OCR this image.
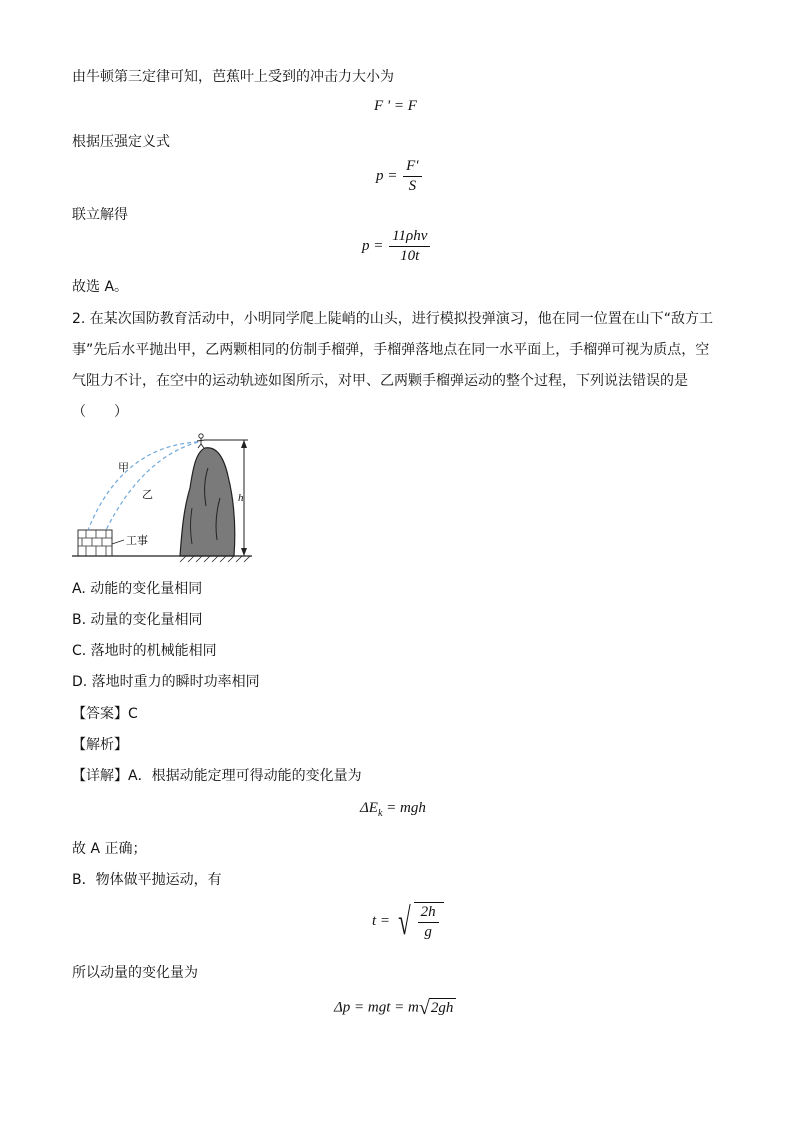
由牛顿第三定律可知，芭蕉叶上受到的冲击力大小为
F ' = F
根据压强定义式
$p = \frac{F'}{S}$
联立解得
$p = \frac{\text{11ρhv}}{10t}$
故选 A。
2. 在某次国防教育活动中，小明同学爬上陡峭的山头，进行模拟投弹演习，他在同一位置在山下“敌方工
事”先后水平抛出甲，乙两颗相同的仿制手榴弹，手榴弹落地点在同一水平面上，手榴弹可视为质点，空
气阻力不计，在空中的运动轨迹如图所示，对甲、乙两颗手榴弹运动的整个过程，下列说法错误的是
（　　）
甲
乙	h
工事
A. 动能的变化量相同
B. 动量的变化量相同
C. 落地时的机械能相同
D. 落地时重力的瞬时功率相同
【答案】C
【解析】
【详解】A．根据动能定理可得动能的变化量为
$\Delta E_k$ = mgh
故 A 正确；
B．物体做平抛运动，有
t = √ $\frac{2h}{g}$
所以动量的变化量为
Δp = mgt = m √ 2gh
